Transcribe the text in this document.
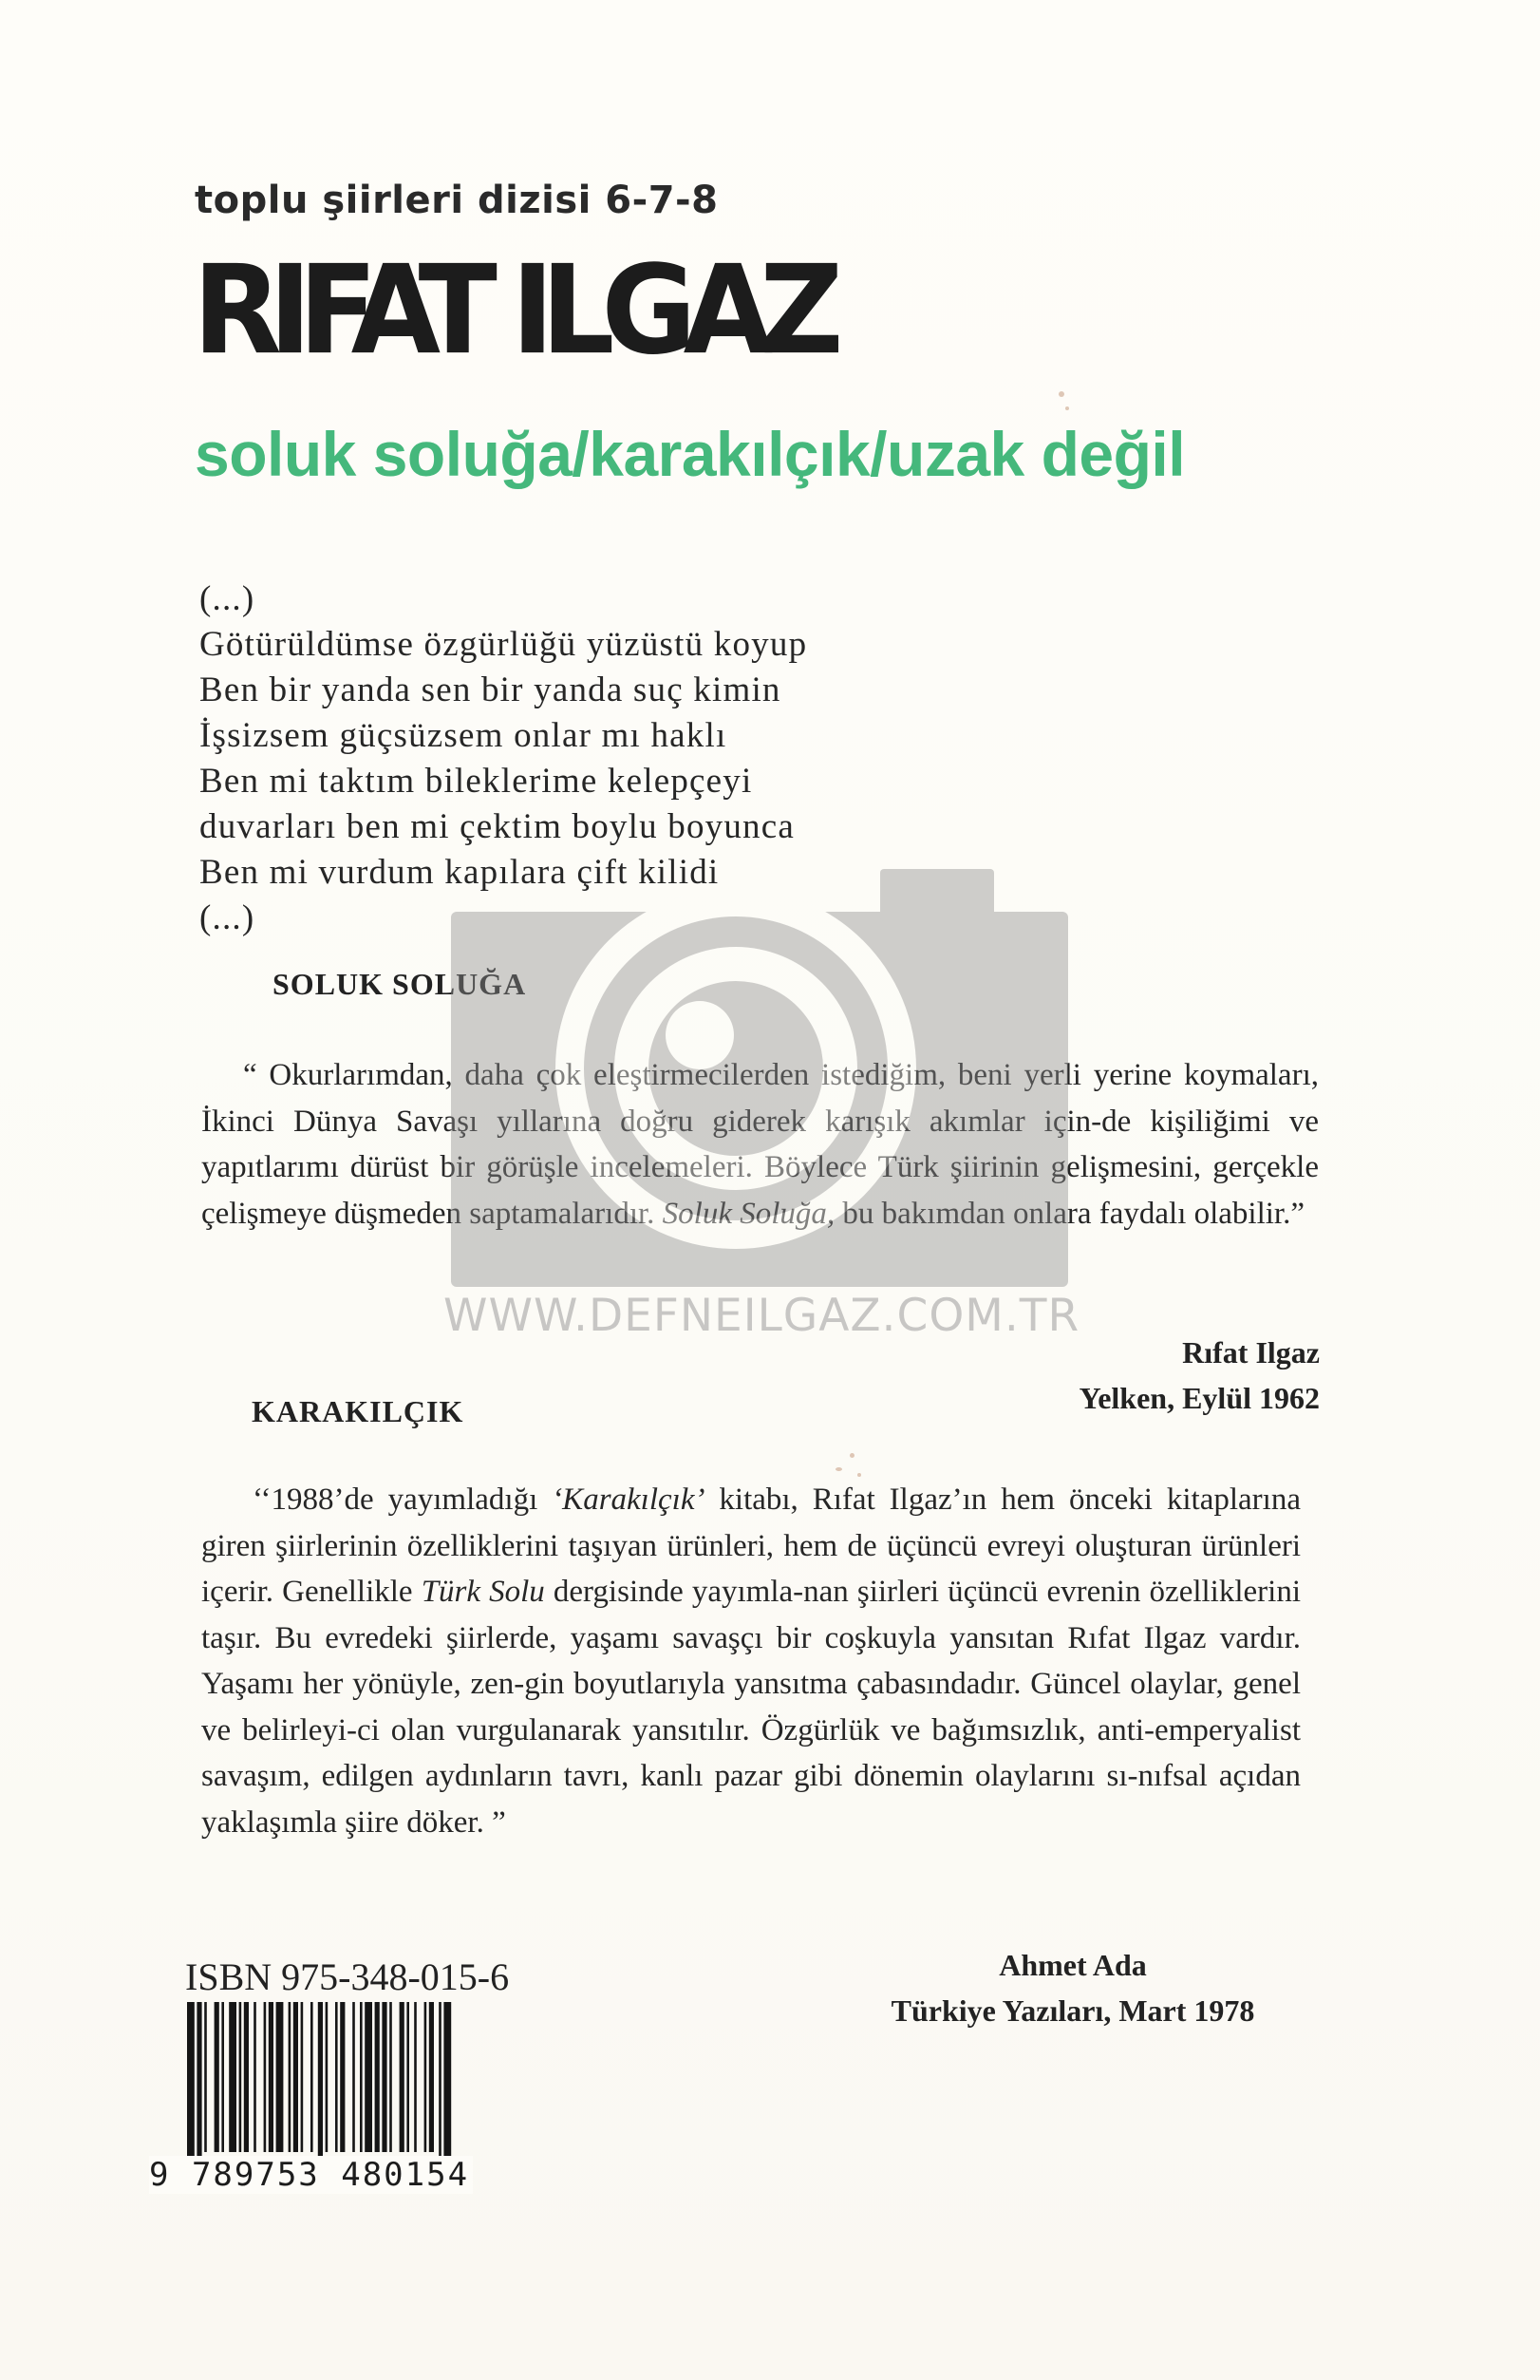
toplu şiirleri dizisi 6-7-8
RIFAT ILGAZ
soluk soluğa/karakılçık/uzak değil
(...)
Götürüldümse özgürlüğü yüzüstü koyup
Ben bir yanda sen bir yanda suç kimin
İşsizsem güçsüzsem onlar mı haklı
Ben mi taktım bileklerime kelepçeyi
duvarları ben mi çektim boylu boyunca
Ben mi vurdum kapılara çift kilidi
(...)
SOLUK SOLUĞA

“ Okurlarımdan, daha çok eleştirmecilerden istediğim, beni yerli yerine koymaları, İkinci Dünya Savaşı yıllarına doğru giderek karışık akımlar için-de kişiliğimi ve yapıtlarımı dürüst bir görüşle incelemeleri. Böylece Türk şiirinin gelişmesini, gerçekle çelişmeye düşmeden saptamalarıdır. Soluk Soluğa, bu bakımdan onlara faydalı olabilir.”

Rıfat Ilgaz
Yelken, Eylül 1962
KARAKILÇIK

‘‘1988’de yayımladığı ‘Karakılçık’ kitabı, Rıfat Ilgaz’ın hem önceki kitaplarına giren şiirlerinin özelliklerini taşıyan ürünleri, hem de üçüncü evreyi oluşturan ürünleri içerir. Genellikle Türk Solu dergisinde yayımla-nan şiirleri üçüncü evrenin özelliklerini taşır. Bu evredeki şiirlerde, yaşamı savaşçı bir coşkuyla yansıtan Rıfat Ilgaz vardır. Yaşamı her yönüyle, zen-gin boyutlarıyla yansıtma çabasındadır. Güncel olaylar, genel ve belirleyi-ci olan vurgulanarak yansıtılır. Özgürlük ve bağımsızlık, anti-emperyalist savaşım, edilgen aydınların tavrı, kanlı pazar gibi dönemin olaylarını sı-nıfsal açıdan yaklaşımla şiire döker. ”

Ahmet Ada
Türkiye Yazıları, Mart 1978
ISBN 975-348-015-6
9 789753 480154
WWW.DEFNEILGAZ.COM.TR
